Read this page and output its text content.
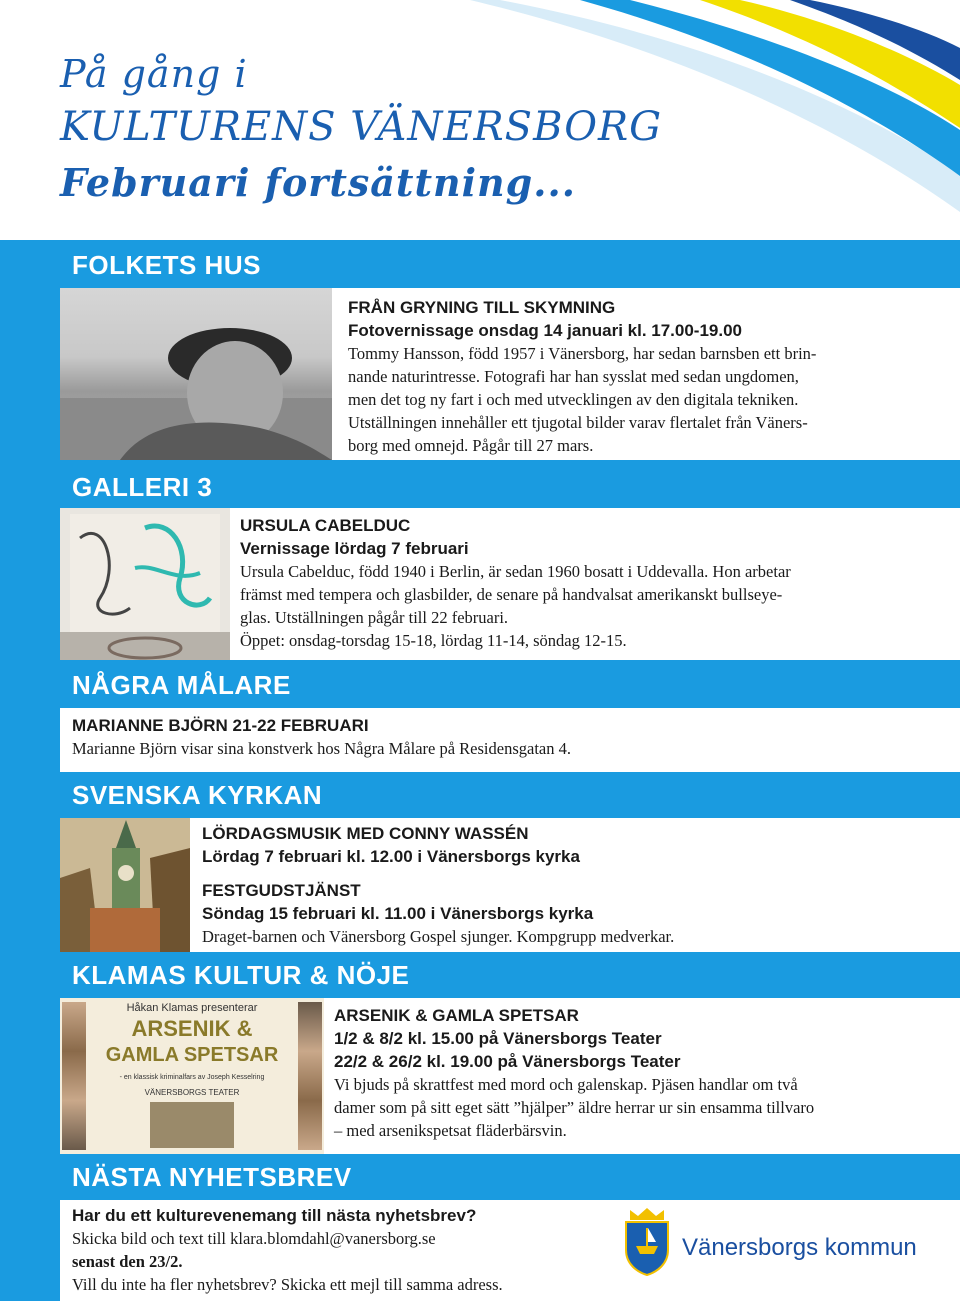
På gång i
KULTURENS VÄNERSBORG
Februari fortsättning...
FOLKETS HUS

FRÅN GRYNING TILL SKYMNING

Fotovernissage onsdag 14 januari kl. 17.00-19.00

Tommy Hansson, född 1957 i Vänersborg, har sedan barnsben ett brin-

nande naturintresse. Fotografi har han sysslat med sedan ungdomen,

men det tog ny fart i och med utvecklingen av den digitala tekniken.

Utställningen innehåller ett tjugotal bilder varav flertalet från Väners-

borg med omnejd. Pågår till 27 mars.

GALLERI 3

URSULA CABELDUC

Vernissage lördag 7 februari

Ursula Cabelduc, född 1940 i Berlin, är sedan 1960 bosatt i Uddevalla. Hon arbetar

främst med tempera och glasbilder, de senare på handvalsat amerikanskt bullseye-

glas. Utställningen pågår till 22 februari.

Öppet: onsdag-torsdag 15-18, lördag 11-14, söndag 12-15.

NÅGRA MÅLARE

MARIANNE BJÖRN 21-22 FEBRUARI

Marianne Björn visar sina konstverk hos Några Målare på Residensgatan 4.

SVENSKA KYRKAN

LÖRDAGSMUSIK MED CONNY WASSÉN

Lördag 7 februari kl. 12.00 i Vänersborgs kyrka

FESTGUDSTJÄNST

Söndag 15 februari kl. 11.00 i Vänersborgs kyrka

Draget-barnen och Vänersborg Gospel sjunger. Kompgrupp medverkar.

KLAMAS KULTUR & NÖJE
Håkan Klamas presenterar
ARSENIK &
GAMLA SPETSAR
- en klassisk kriminalfars av Joseph Kesselring
VÄNERSBORGS TEATER

ARSENIK & GAMLA SPETSAR

1/2 & 8/2 kl. 15.00 på Vänersborgs Teater

22/2 & 26/2 kl. 19.00 på Vänersborgs Teater

Vi bjuds på skrattfest med mord och galenskap. Pjäsen handlar om två

damer som på sitt eget sätt ”hjälper” äldre herrar ur sin ensamma tillvaro

– med arsenikspetsat fläderbärsvin.

NÄSTA NYHETSBREV

Har du ett kulturevenemang till nästa nyhetsbrev?

Skicka bild och text till klara.blomdahl@vanersborg.se

senast den 23/2.

Vill du inte ha fler nyhetsbrev? Skicka ett mejl till samma adress.

Vänersborgs kommun
